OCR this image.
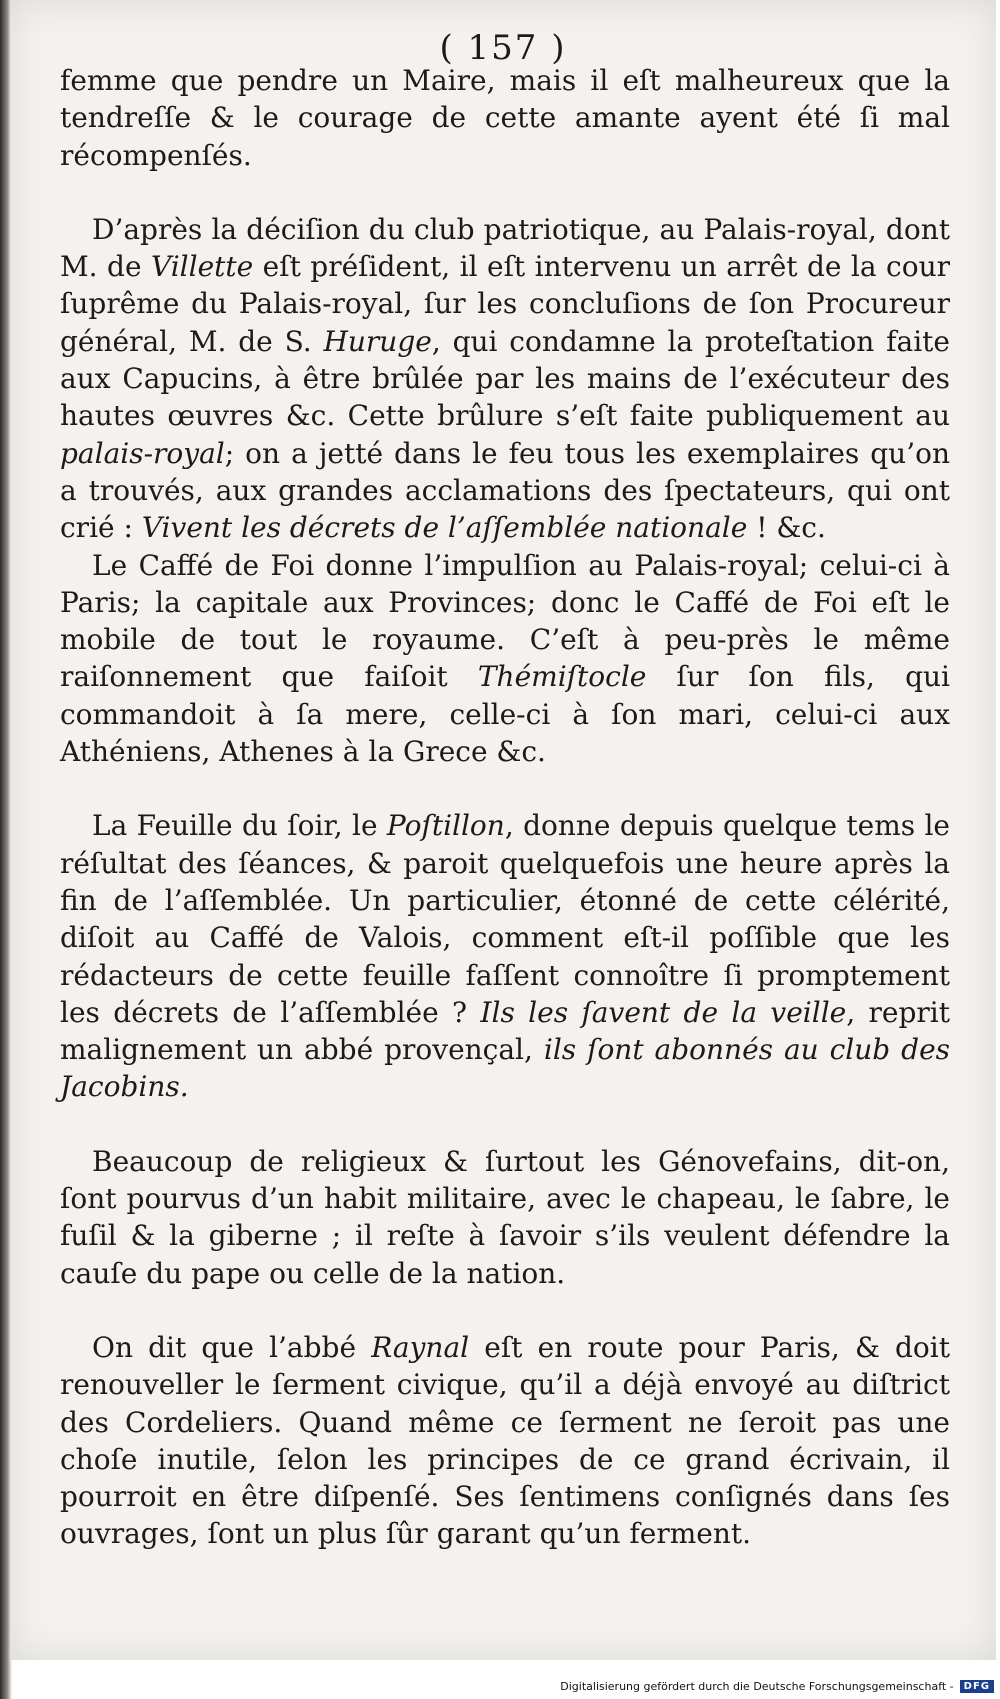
( 157 )

femme que pendre un Maire, mais il eſt malheureux que la tendreſſe & le courage de cette amante ayent été ſi mal récompenſés.

D’après la déciſion du club patriotique, au Palais-royal, dont M. de Villette eſt préſident, il eſt intervenu un arrêt de la cour ſuprême du Palais-royal, ſur les concluſions de ſon Procureur général, M. de S. Huruge, qui condamne la proteſtation faite aux Capucins, à être brûlée par les mains de l’exécuteur des hautes œuvres &c. Cette brûlure s’eſt faite publiquement au palais-royal; on a jetté dans le feu tous les exemplaires qu’on a trouvés, aux grandes acclamations des ſpectateurs, qui ont crié : Vivent les décrets de l’aſſemblée nationale ! &c.

Le Caffé de Foi donne l’impulſion au Palais-royal; celui-ci à Paris; la capitale aux Provinces; donc le Caffé de Foi eſt le mobile de tout le royaume. C’eſt à peu-près le même raiſonnement que faiſoit Thémiſtocle ſur ſon fils, qui commandoit à ſa mere, celle-ci à ſon mari, celui-ci aux Athéniens, Athenes à la Grece &c.

La Feuille du ſoir, le Poſtillon, donne depuis quelque tems le réſultat des ſéances, & paroit quelquefois une heure après la fin de l’aſſemblée. Un particulier, étonné de cette célérité, diſoit au Caffé de Valois, comment eſt-il poſſible que les rédacteurs de cette feuille faſſent connoître ſi promptement les décrets de l’aſſemblée ? Ils les ſavent de la veille, reprit malignement un abbé provençal, ils ſont abonnés au club des Jacobins.

Beaucoup de religieux & ſurtout les Génovefains, dit-on, ſont pourvus d’un habit militaire, avec le chapeau, le ſabre, le fuſil & la giberne ; il reſte à ſavoir s’ils veulent défendre la cauſe du pape ou celle de la nation.

On dit que l’abbé Raynal eſt en route pour Paris, & doit renouveller le ſerment civique, qu’il a déjà envoyé au diſtrict des Cordeliers. Quand même ce ſerment ne ſeroit pas une choſe inutile, ſelon les principes de ce grand écrivain, il pourroit en être diſpenſé. Ses ſentimens conſignés dans ſes ouvrages, ſont un plus ſûr garant qu’un ferment.

Digitalisierung gefördert durch die Deutsche Forschungsgemeinschaft -	DFG
